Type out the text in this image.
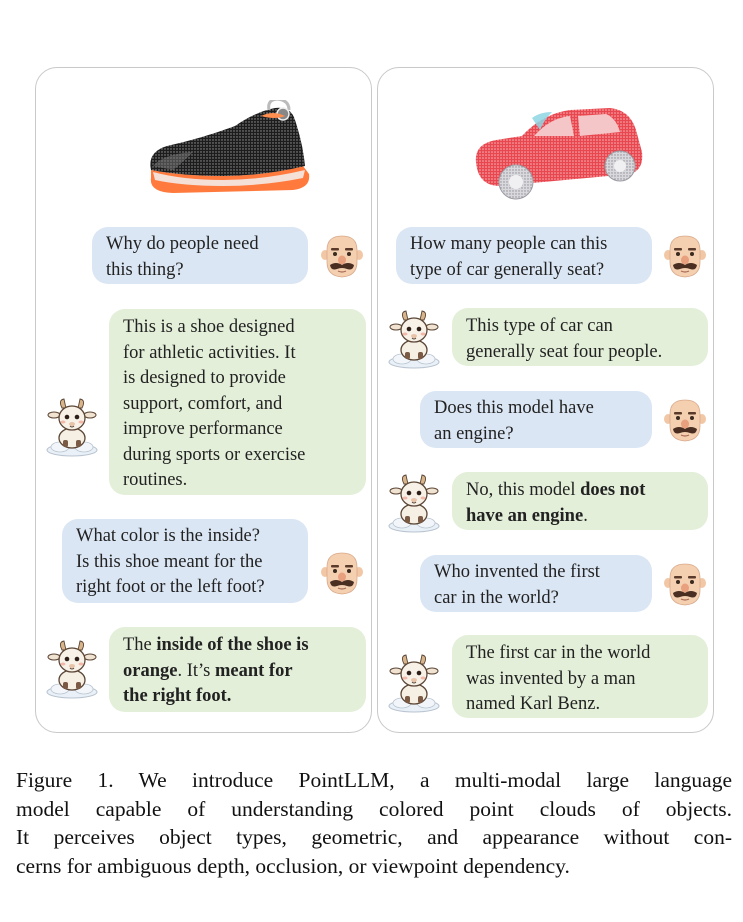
Why do people need
this thing?
This is a shoe designed
for athletic activities. It
is designed to provide
support, comfort, and
improve performance
during sports or exercise
routines.
What color is the inside?
Is this shoe meant for the
right foot or the left foot?
The inside of the shoe is
orange. It’s meant for
the right foot.
How many people can this
type of car generally seat?
This type of car can
generally seat four people.
Does this model have
an engine?
No, this model does not
have an engine.
Who invented the first
car in the world?
The first car in the world
was invented by a man
named Karl Benz.
Figure 1. We introduce PointLLM, a multi-modal large language
model capable of understanding colored point clouds of objects.
It perceives object types, geometric, and appearance without con-
cerns for ambiguous depth, occlusion, or viewpoint dependency.
